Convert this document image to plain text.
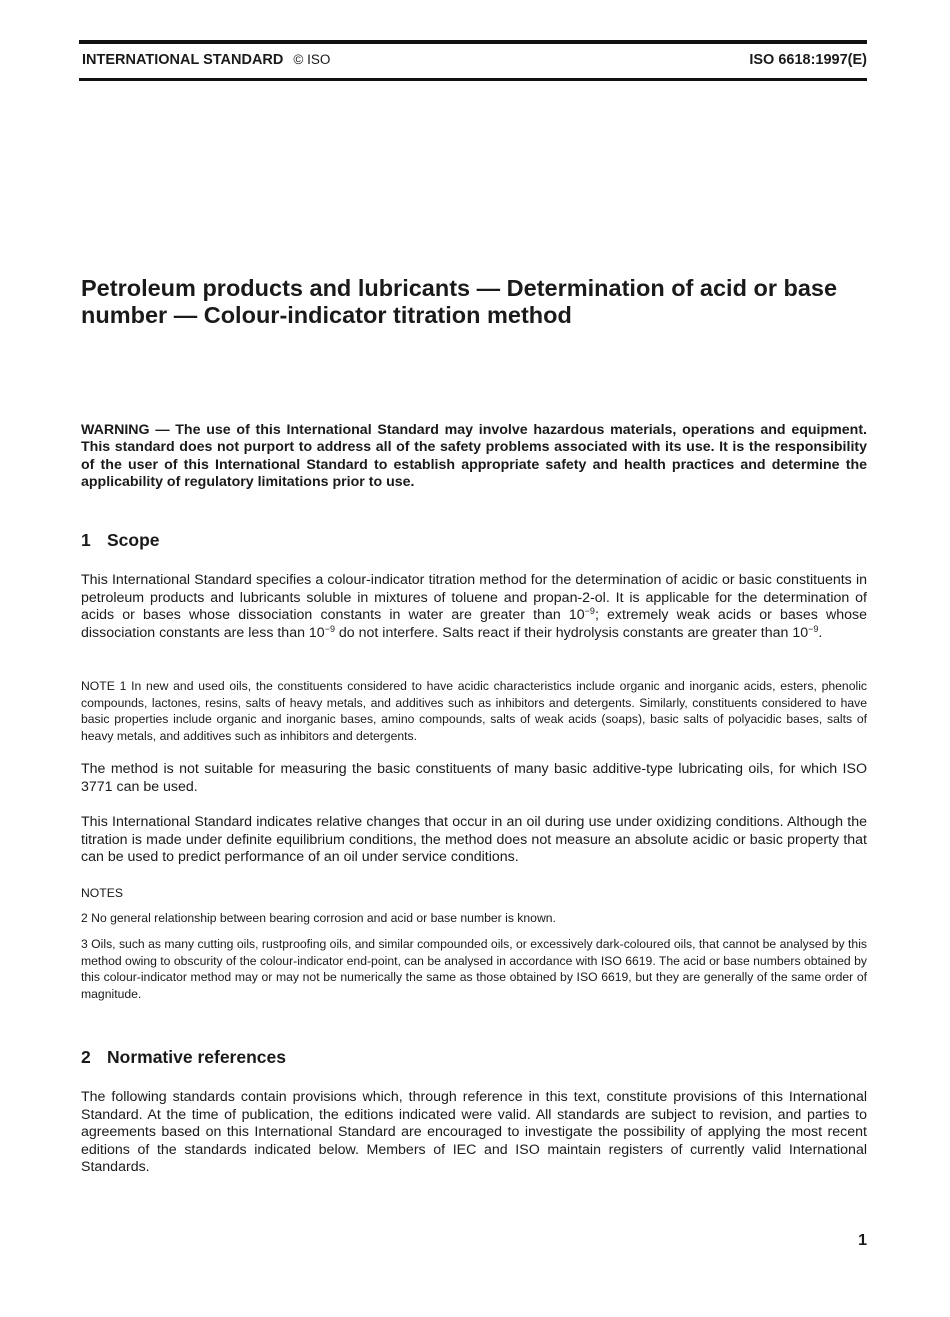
INTERNATIONAL STANDARD © ISO	ISO 6618:1997(E)
Petroleum products and lubricants — Determination of acid or base number — Colour-indicator titration method

WARNING — The use of this International Standard may involve hazardous materials, operations and equipment. This standard does not purport to address all of the safety problems associated with its use. It is the responsibility of the user of this International Standard to establish appropriate safety and health practices and determine the applicability of regulatory limitations prior to use.

1 Scope

This International Standard specifies a colour-indicator titration method for the determination of acidic or basic constituents in petroleum products and lubricants soluble in mixtures of toluene and propan-2-ol. It is applicable for the determination of acids or bases whose dissociation constants in water are greater than $10^{-9}$; extremely weak acids or bases whose dissociation constants are less than $10^{-9}$ do not interfere. Salts react if their hydrolysis constants are greater than $10^{-9}$.

NOTE 1 In new and used oils, the constituents considered to have acidic characteristics include organic and inorganic acids, esters, phenolic compounds, lactones, resins, salts of heavy metals, and additives such as inhibitors and detergents. Similarly, constituents considered to have basic properties include organic and inorganic bases, amino compounds, salts of weak acids (soaps), basic salts of polyacidic bases, salts of heavy metals, and additives such as inhibitors and detergents.

The method is not suitable for measuring the basic constituents of many basic additive-type lubricating oils, for which ISO 3771 can be used.

This International Standard indicates relative changes that occur in an oil during use under oxidizing conditions. Although the titration is made under definite equilibrium conditions, the method does not measure an absolute acidic or basic property that can be used to predict performance of an oil under service conditions.

NOTES

2 No general relationship between bearing corrosion and acid or base number is known.

3 Oils, such as many cutting oils, rustproofing oils, and similar compounded oils, or excessively dark-coloured oils, that cannot be analysed by this method owing to obscurity of the colour-indicator end-point, can be analysed in accordance with ISO 6619. The acid or base numbers obtained by this colour-indicator method may or may not be numerically the same as those obtained by ISO 6619, but they are generally of the same order of magnitude.

2 Normative references

The following standards contain provisions which, through reference in this text, constitute provisions of this International Standard. At the time of publication, the editions indicated were valid. All standards are subject to revision, and parties to agreements based on this International Standard are encouraged to investigate the possibility of applying the most recent editions of the standards indicated below. Members of IEC and ISO maintain registers of currently valid International Standards.

1
